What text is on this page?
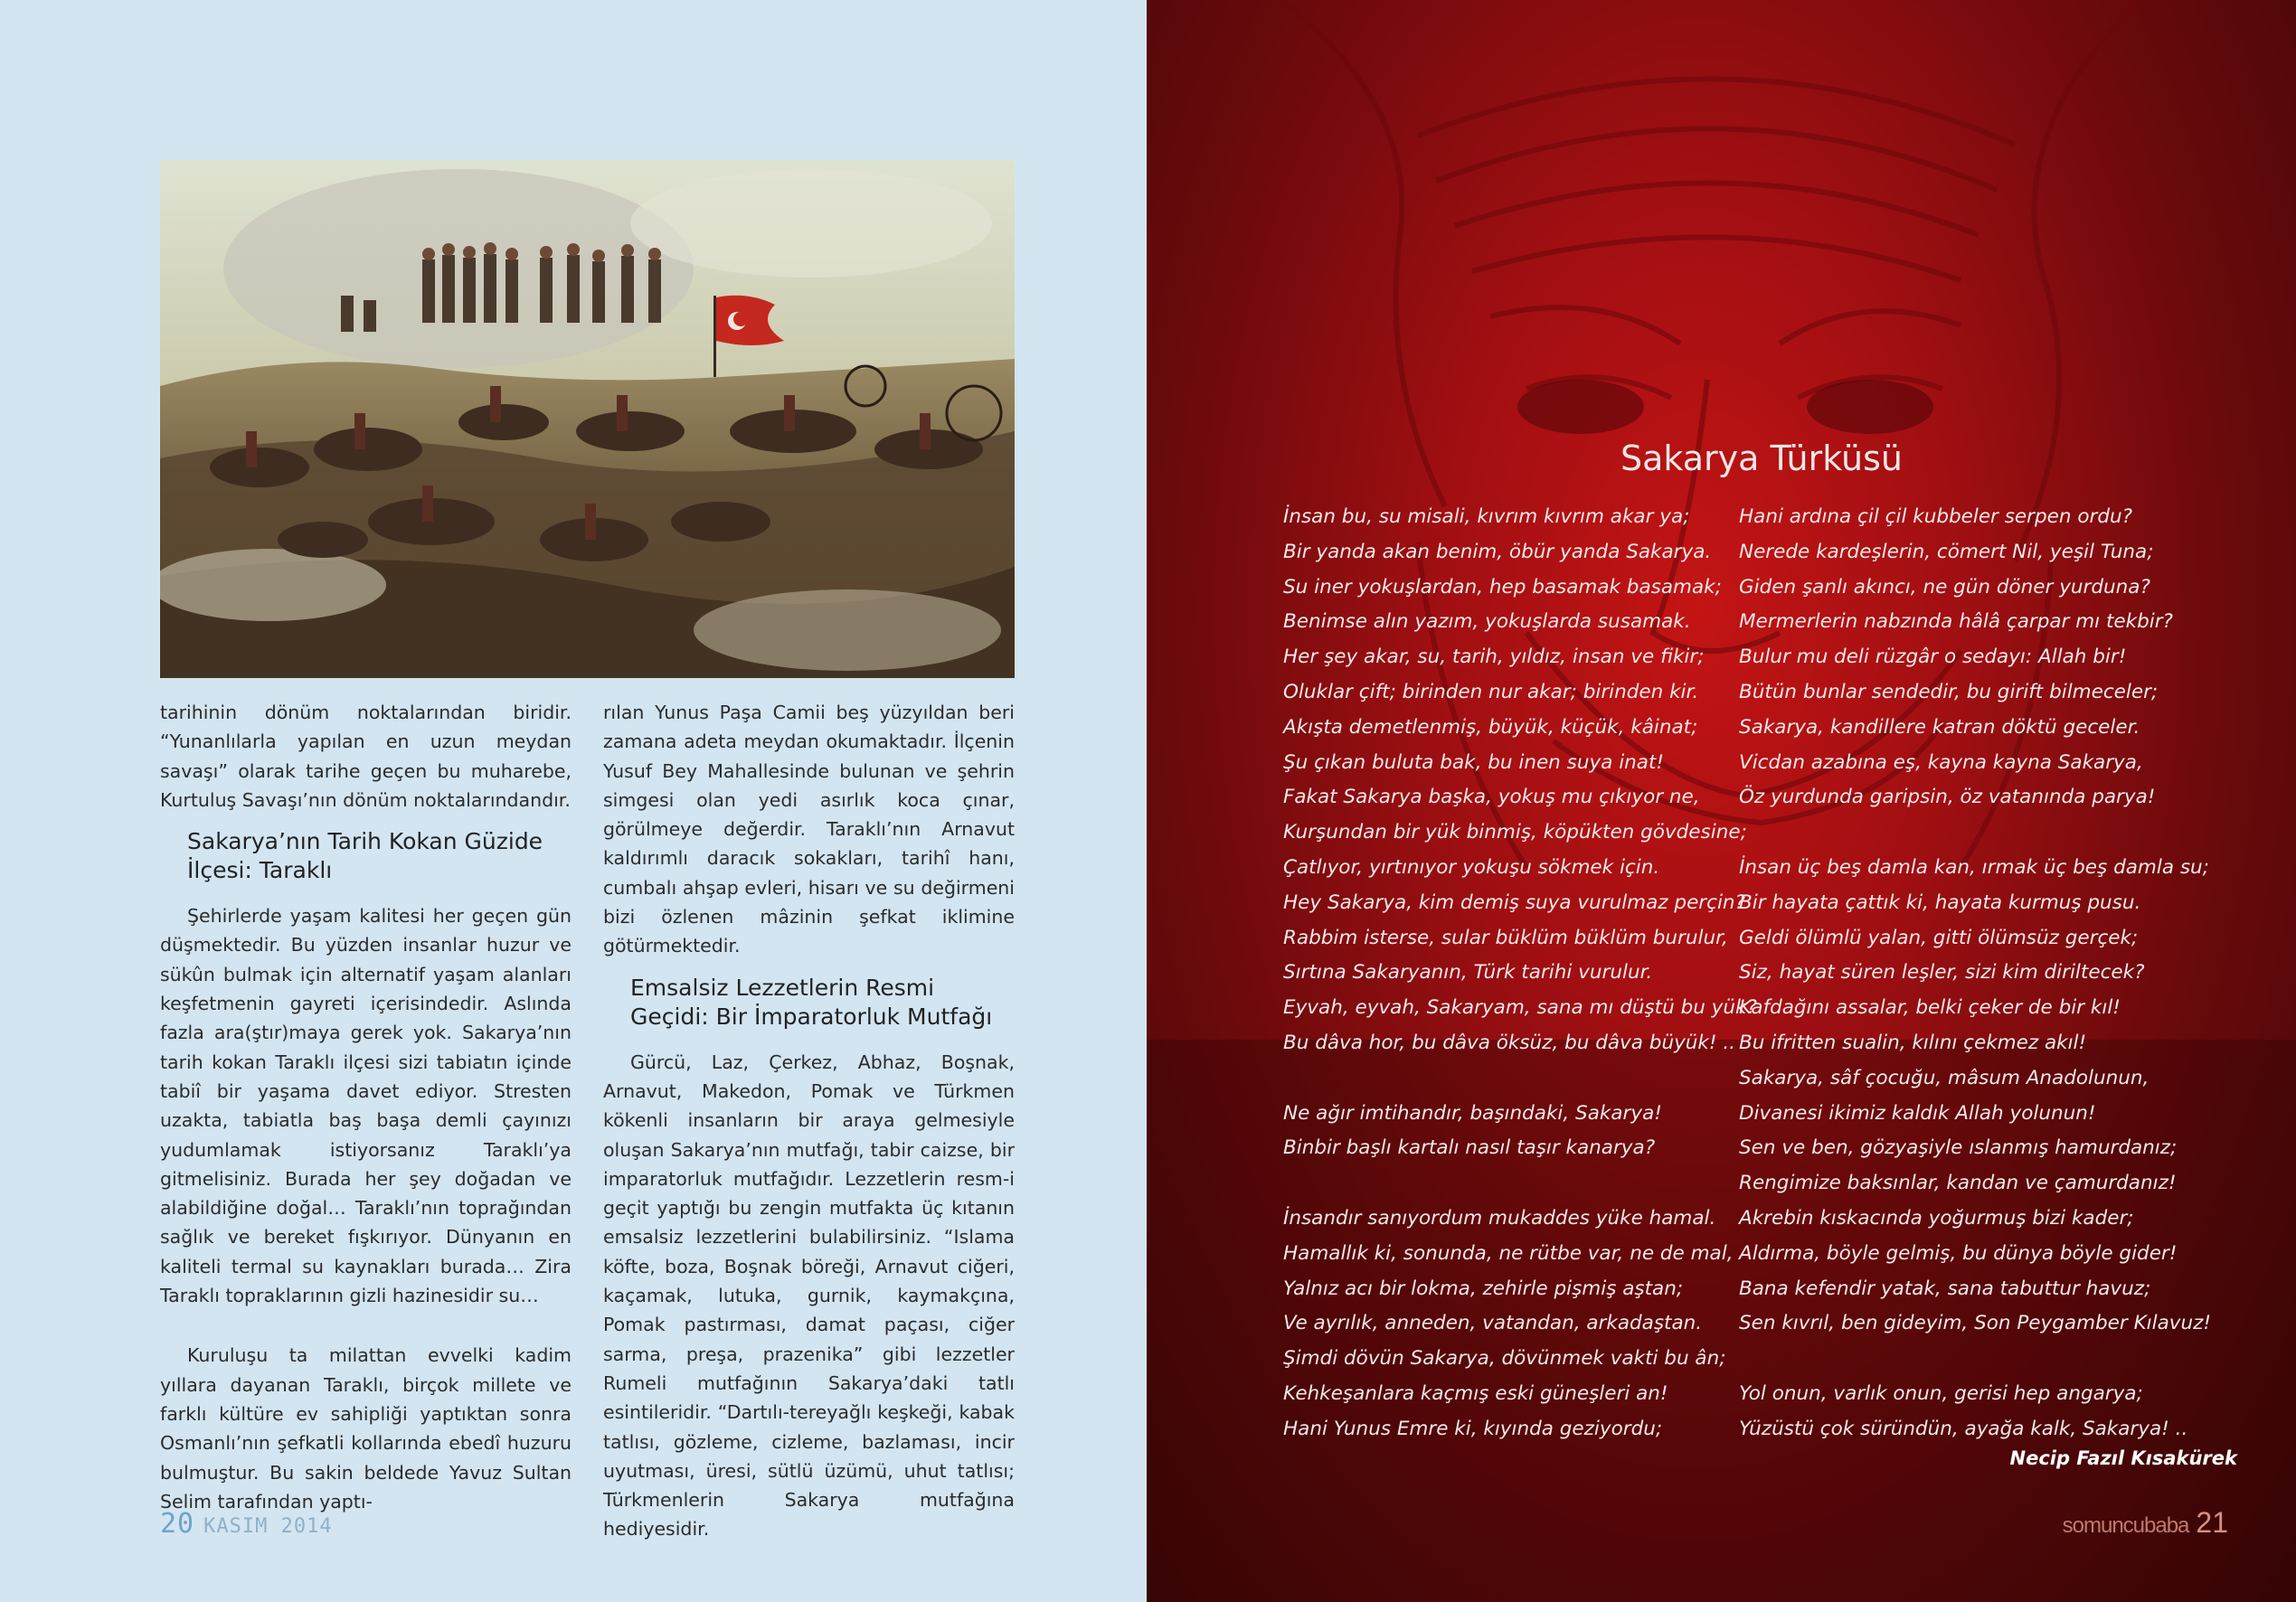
tarihinin dönüm noktalarından biridir. “Yunanlılarla yapılan en uzun meydan savaşı” olarak tarihe geçen bu muharebe, Kurtuluş Savaşı’nın dönüm noktalarındandır.

Sakarya’nın Tarih Kokan Güzide İlçesi: Taraklı

Şehirlerde yaşam kalitesi her geçen gün düşmektedir. Bu yüzden insanlar huzur ve sükûn bulmak için alternatif yaşam alanları keşfetmenin gayreti içerisindedir. Aslında fazla ara(ştır)maya gerek yok. Sakarya’nın tarih kokan Taraklı ilçesi sizi tabiatın içinde tabiî bir yaşama davet ediyor. Stresten uzakta, tabiatla baş başa demli çayınızı yudumlamak istiyorsanız Taraklı’ya gitmelisiniz. Burada her şey doğadan ve alabildiğine doğal… Taraklı’nın toprağından sağlık ve bereket fışkırıyor. Dünyanın en kaliteli termal su kaynakları burada… Zira Taraklı topraklarının gizli hazinesidir su…

Kuruluşu ta milattan evvelki kadim yıllara dayanan Taraklı, birçok millete ve farklı kültüre ev sahipliği yaptıktan sonra Osmanlı’nın şefkatli kollarında ebedî huzuru bulmuştur. Bu sakin beldede Yavuz Sultan Selim tarafından yaptı-

rılan Yunus Paşa Camii beş yüzyıldan beri zamana adeta meydan okumaktadır. İlçenin Yusuf Bey Mahallesinde bulunan ve şehrin simgesi olan yedi asırlık koca çınar, görülmeye değerdir. Taraklı’nın Arnavut kaldırımlı daracık sokakları, tarihî hanı, cumbalı ahşap evleri, hisarı ve su değirmeni bizi özlenen mâzinin şefkat iklimine götürmektedir.

Emsalsiz Lezzetlerin Resmi Geçidi: Bir İmparatorluk Mutfağı

Gürcü, Laz, Çerkez, Abhaz, Boşnak, Arnavut, Makedon, Pomak ve Türkmen kökenli insanların bir araya gelmesiyle oluşan Sakarya’nın mutfağı, tabir caizse, bir imparatorluk mutfağıdır. Lezzetlerin resm-i geçit yaptığı bu zengin mutfakta üç kıtanın emsalsiz lezzetlerini bulabilirsiniz. “Islama köfte, boza, Boşnak böreği, Arnavut ciğeri, kaçamak, lutuka, gurnik, kaymakçına, Pomak pastırması, damat paçası, ciğer sarma, preşa, prazenika” gibi lezzetler Rumeli mutfağının Sakarya’daki tatlı esintileridir. “Dartılı-tereyağlı keşkeği, kabak tatlısı, gözleme, cizleme, bazlaması, incir uyutması, üresi, sütlü üzümü, uhut tatlısı; Türkmenlerin Sakarya mutfağına hediyesidir.

20 KASIM 2014
Sakarya Türküsü
İnsan bu, su misali, kıvrım kıvrım akar ya;
Bir yanda akan benim, öbür yanda Sakarya.
Su iner yokuşlardan, hep basamak basamak;
Benimse alın yazım, yokuşlarda susamak.
Her şey akar, su, tarih, yıldız, insan ve fikir;
Oluklar çift; birinden nur akar; birinden kir.
Akışta demetlenmiş, büyük, küçük, kâinat;
Şu çıkan buluta bak, bu inen suya inat!
Fakat Sakarya başka, yokuş mu çıkıyor ne,
Kurşundan bir yük binmiş, köpükten gövdesine;
Çatlıyor, yırtınıyor yokuşu sökmek için.
Hey Sakarya, kim demiş suya vurulmaz perçin?
Rabbim isterse, sular büklüm büklüm burulur,
Sırtına Sakaryanın, Türk tarihi vurulur.
Eyvah, eyvah, Sakaryam, sana mı düştü bu yük?
Bu dâva hor, bu dâva öksüz, bu dâva büyük! ..
Ne ağır imtihandır, başındaki, Sakarya!
Binbir başlı kartalı nasıl taşır kanarya?
İnsandır sanıyordum mukaddes yüke hamal.
Hamallık ki, sonunda, ne rütbe var, ne de mal,
Yalnız acı bir lokma, zehirle pişmiş aştan;
Ve ayrılık, anneden, vatandan, arkadaştan.
Şimdi dövün Sakarya, dövünmek vakti bu ân;
Kehkeşanlara kaçmış eski güneşleri an!
Hani Yunus Emre ki, kıyında geziyordu;
Hani ardına çil çil kubbeler serpen ordu?
Nerede kardeşlerin, cömert Nil, yeşil Tuna;
Giden şanlı akıncı, ne gün döner yurduna?
Mermerlerin nabzında hâlâ çarpar mı tekbir?
Bulur mu deli rüzgâr o sedayı: Allah bir!
Bütün bunlar sendedir, bu girift bilmeceler;
Sakarya, kandillere katran döktü geceler.
Vicdan azabına eş, kayna kayna Sakarya,
Öz yurdunda garipsin, öz vatanında parya!
İnsan üç beş damla kan, ırmak üç beş damla su;
Bir hayata çattık ki, hayata kurmuş pusu.
Geldi ölümlü yalan, gitti ölümsüz gerçek;
Siz, hayat süren leşler, sizi kim diriltecek?
Kafdağını assalar, belki çeker de bir kıl!
Bu ifritten sualin, kılını çekmez akıl!
Sakarya, sâf çocuğu, mâsum Anadolunun,
Divanesi ikimiz kaldık Allah yolunun!
Sen ve ben, gözyaşiyle ıslanmış hamurdanız;
Rengimize baksınlar, kandan ve çamurdanız!
Akrebin kıskacında yoğurmuş bizi kader;
Aldırma, böyle gelmiş, bu dünya böyle gider!
Bana kefendir yatak, sana tabuttur havuz;
Sen kıvrıl, ben gideyim, Son Peygamber Kılavuz!
Yol onun, varlık onun, gerisi hep angarya;
Yüzüstü çok süründün, ayağa kalk, Sakarya! ..
Necip Fazıl Kısakürek
somuncubaba 21
